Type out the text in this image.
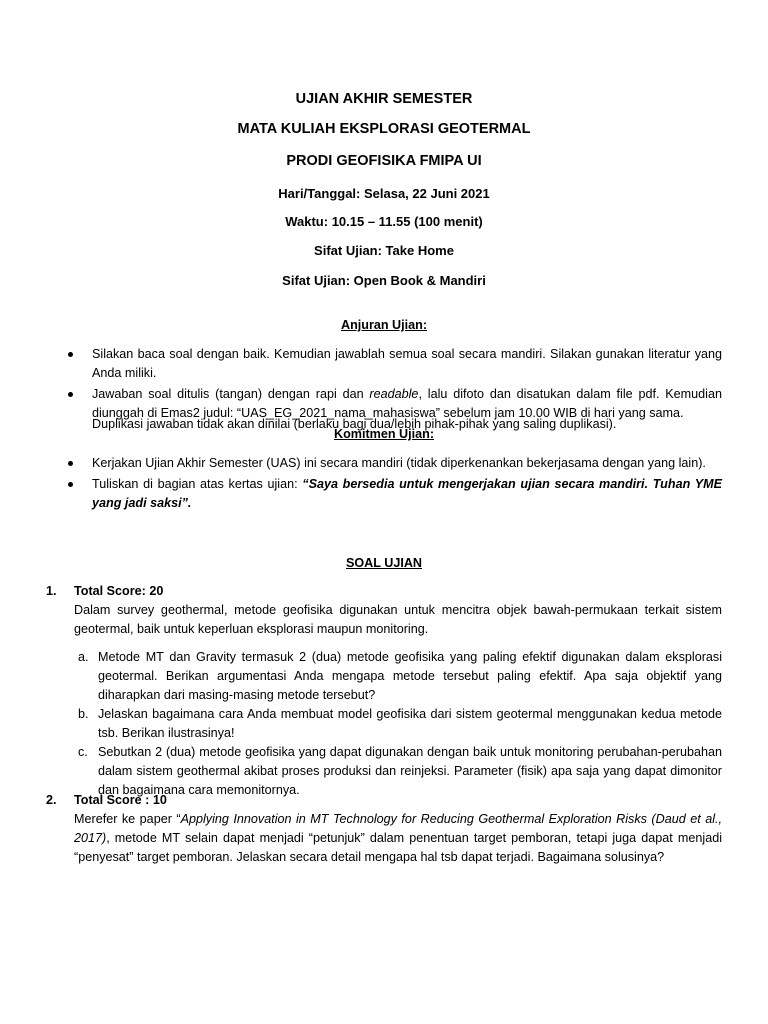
UJIAN AKHIR SEMESTER
MATA KULIAH EKSPLORASI GEOTERMAL
PRODI GEOFISIKA FMIPA UI
Hari/Tanggal: Selasa, 22 Juni 2021
Waktu: 10.15 – 11.55 (100 menit)
Sifat Ujian: Take Home
Sifat Ujian: Open Book & Mandiri
Anjuran Ujian:
Silakan baca soal dengan baik. Kemudian jawablah semua soal secara mandiri. Silakan gunakan literatur yang Anda miliki.
Jawaban soal ditulis (tangan) dengan rapi dan readable, lalu difoto dan disatukan dalam file pdf. Kemudian diunggah di Emas2 judul: “UAS_EG_2021_nama_mahasiswa” sebelum jam 10.00 WIB di hari yang sama.
Duplikasi jawaban tidak akan dinilai (berlaku bagi dua/lebih pihak-pihak yang saling duplikasi).
Komitmen Ujian:
Kerjakan Ujian Akhir Semester (UAS) ini secara mandiri (tidak diperkenankan bekerjasama dengan yang lain).
Tuliskan di bagian atas kertas ujian: “Saya bersedia untuk mengerjakan ujian secara mandiri. Tuhan YME yang jadi saksi”.
SOAL UJIAN
1. Total Score: 20
Dalam survey geothermal, metode geofisika digunakan untuk mencitra objek bawah-permukaan terkait sistem geotermal, baik untuk keperluan eksplorasi maupun monitoring.
a. Metode MT dan Gravity termasuk 2 (dua) metode geofisika yang paling efektif digunakan dalam eksplorasi geotermal. Berikan argumentasi Anda mengapa metode tersebut paling efektif. Apa saja objektif yang diharapkan dari masing-masing metode tersebut?
b. Jelaskan bagaimana cara Anda membuat model geofisika dari sistem geotermal menggunakan kedua metode tsb. Berikan ilustrasinya!
c. Sebutkan 2 (dua) metode geofisika yang dapat digunakan dengan baik untuk monitoring perubahan-perubahan dalam sistem geothermal akibat proses produksi dan reinjeksi. Parameter (fisik) apa saja yang dapat dimonitor dan bagaimana cara memonitornya.
2. Total Score : 10
Merefer ke paper “Applying Innovation in MT Technology for Reducing Geothermal Exploration Risks (Daud et al., 2017), metode MT selain dapat menjadi “petunjuk” dalam penentuan target pemboran, tetapi juga dapat menjadi “penyesat” target pemboran. Jelaskan secara detail mengapa hal tsb dapat terjadi. Bagaimana solusinya?
